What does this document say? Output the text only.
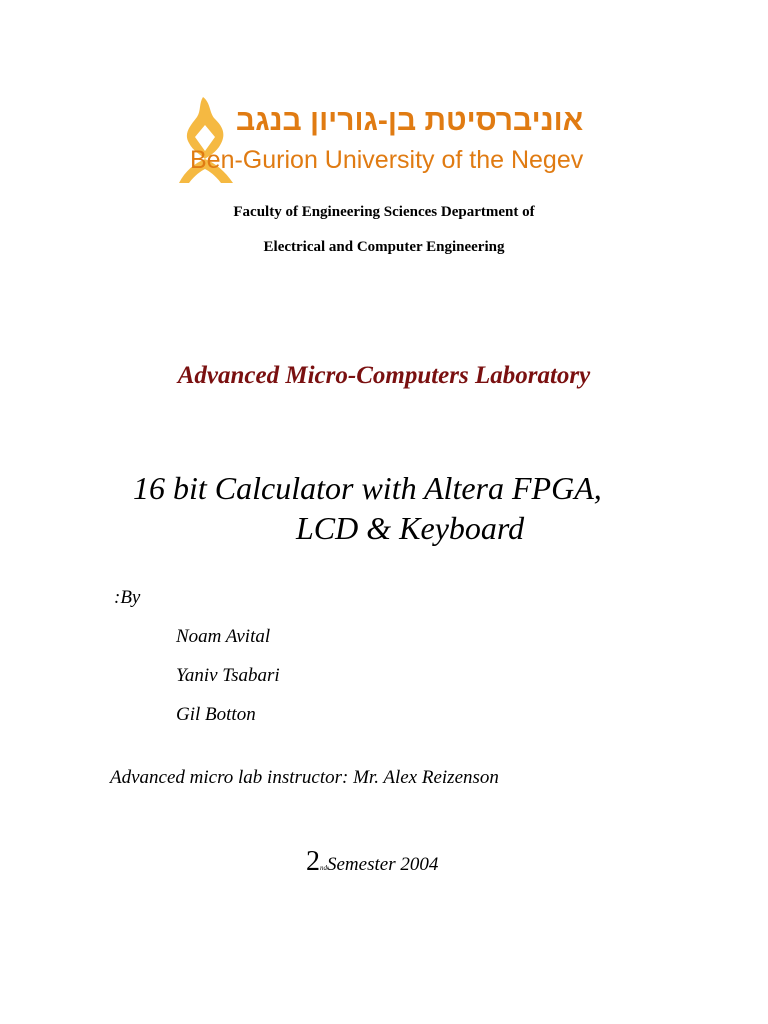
אוניברסיטת בן-גוריון בנגב
Ben-Gurion University of the Negev
Faculty of Engineering Sciences Department of
Electrical and Computer Engineering
Advanced Micro-Computers Laboratory
16 bit Calculator with Altera FPGA,
LCD & Keyboard
:By
Noam Avital
Yaniv Tsabari
Gil Botton
Advanced micro lab instructor: Mr. Alex Reizenson
2ndSemester 2004
